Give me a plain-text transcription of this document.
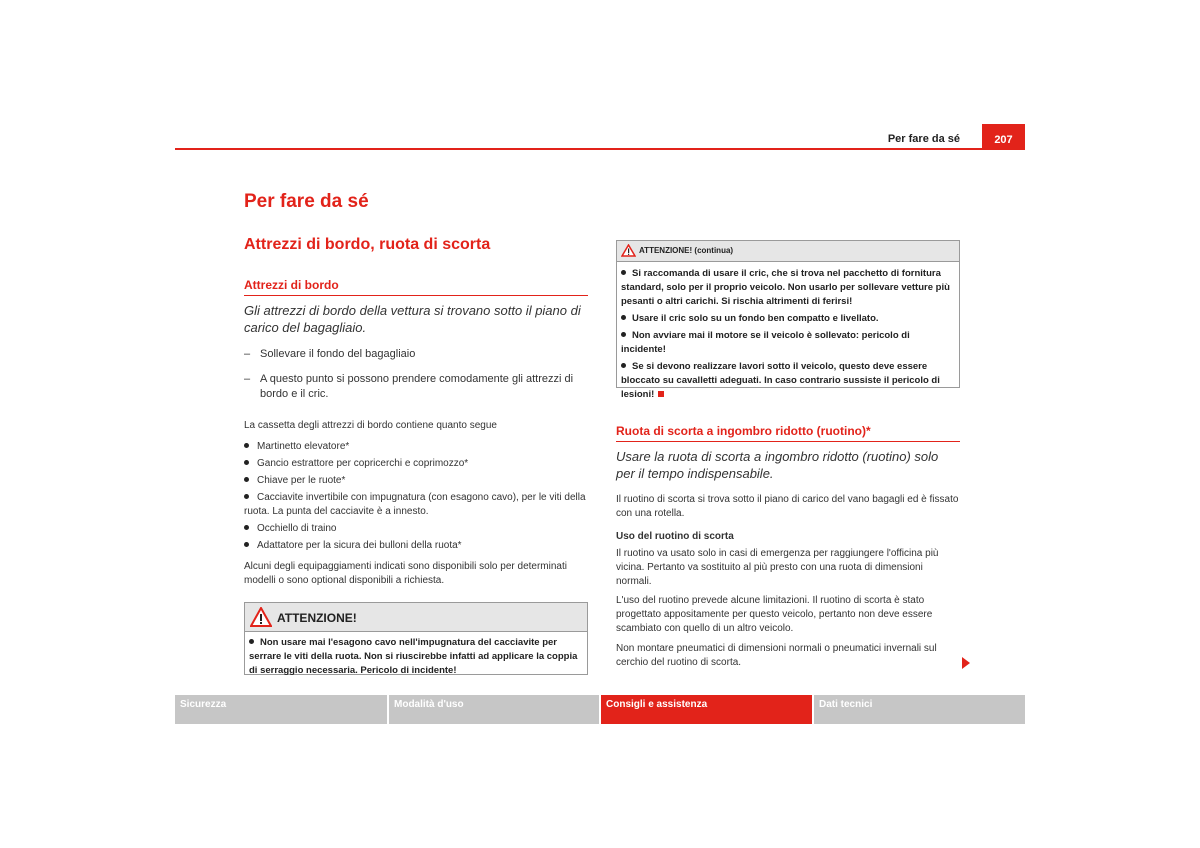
Per fare da sé	207
Per fare da sé
Attrezzi di bordo, ruota di scorta
Attrezzi di bordo
Gli attrezzi di bordo della vettura si trovano sotto il piano di carico del bagagliaio.
– Sollevare il fondo del bagagliaio
– A questo punto si possono prendere comodamente gli attrezzi di bordo e il cric.
La cassetta degli attrezzi di bordo contiene quanto segue
Martinetto elevatore*
Gancio estrattore per copricerchi e coprimozzo*
Chiave per le ruote*
Cacciavite invertibile con impugnatura (con esagono cavo), per le viti della ruota. La punta del cacciavite è a innesto.
Occhiello di traino
Adattatore per la sicura dei bulloni della ruota*
Alcuni degli equipaggiamenti indicati sono disponibili solo per determinati modelli o sono optional disponibili a richiesta.
ATTENZIONE!
Non usare mai l'esagono cavo nell'impugnatura del cacciavite per serrare le viti della ruota. Non si riuscirebbe infatti ad applicare la coppia di serraggio necessaria. Pericolo di incidente!
ATTENZIONE! (continua)
Si raccomanda di usare il cric, che si trova nel pacchetto di fornitura standard, solo per il proprio veicolo. Non usarlo per sollevare vetture più pesanti o altri carichi. Si rischia altrimenti di ferirsi!
Usare il cric solo su un fondo ben compatto e livellato.
Non avviare mai il motore se il veicolo è sollevato: pericolo di incidente!
Se si devono realizzare lavori sotto il veicolo, questo deve essere bloccato su cavalletti adeguati. In caso contrario sussiste il pericolo di lesioni!
Ruota di scorta a ingombro ridotto (ruotino)*
Usare la ruota di scorta a ingombro ridotto (ruotino) solo per il tempo indispensabile.
Il ruotino di scorta si trova sotto il piano di carico del vano bagagli ed è fissato con una rotella.
Uso del ruotino di scorta
Il ruotino va usato solo in casi di emergenza per raggiungere l'officina più vicina. Pertanto va sostituito al più presto con una ruota di dimensioni normali.
L'uso del ruotino prevede alcune limitazioni. Il ruotino di scorta è stato progettato appositamente per questo veicolo, pertanto non deve essere scambiato con quello di un altro veicolo.
Non montare pneumatici di dimensioni normali o pneumatici invernali sul cerchio del ruotino di scorta.
Sicurezza	Modalità d'uso	Consigli e assistenza	Dati tecnici
